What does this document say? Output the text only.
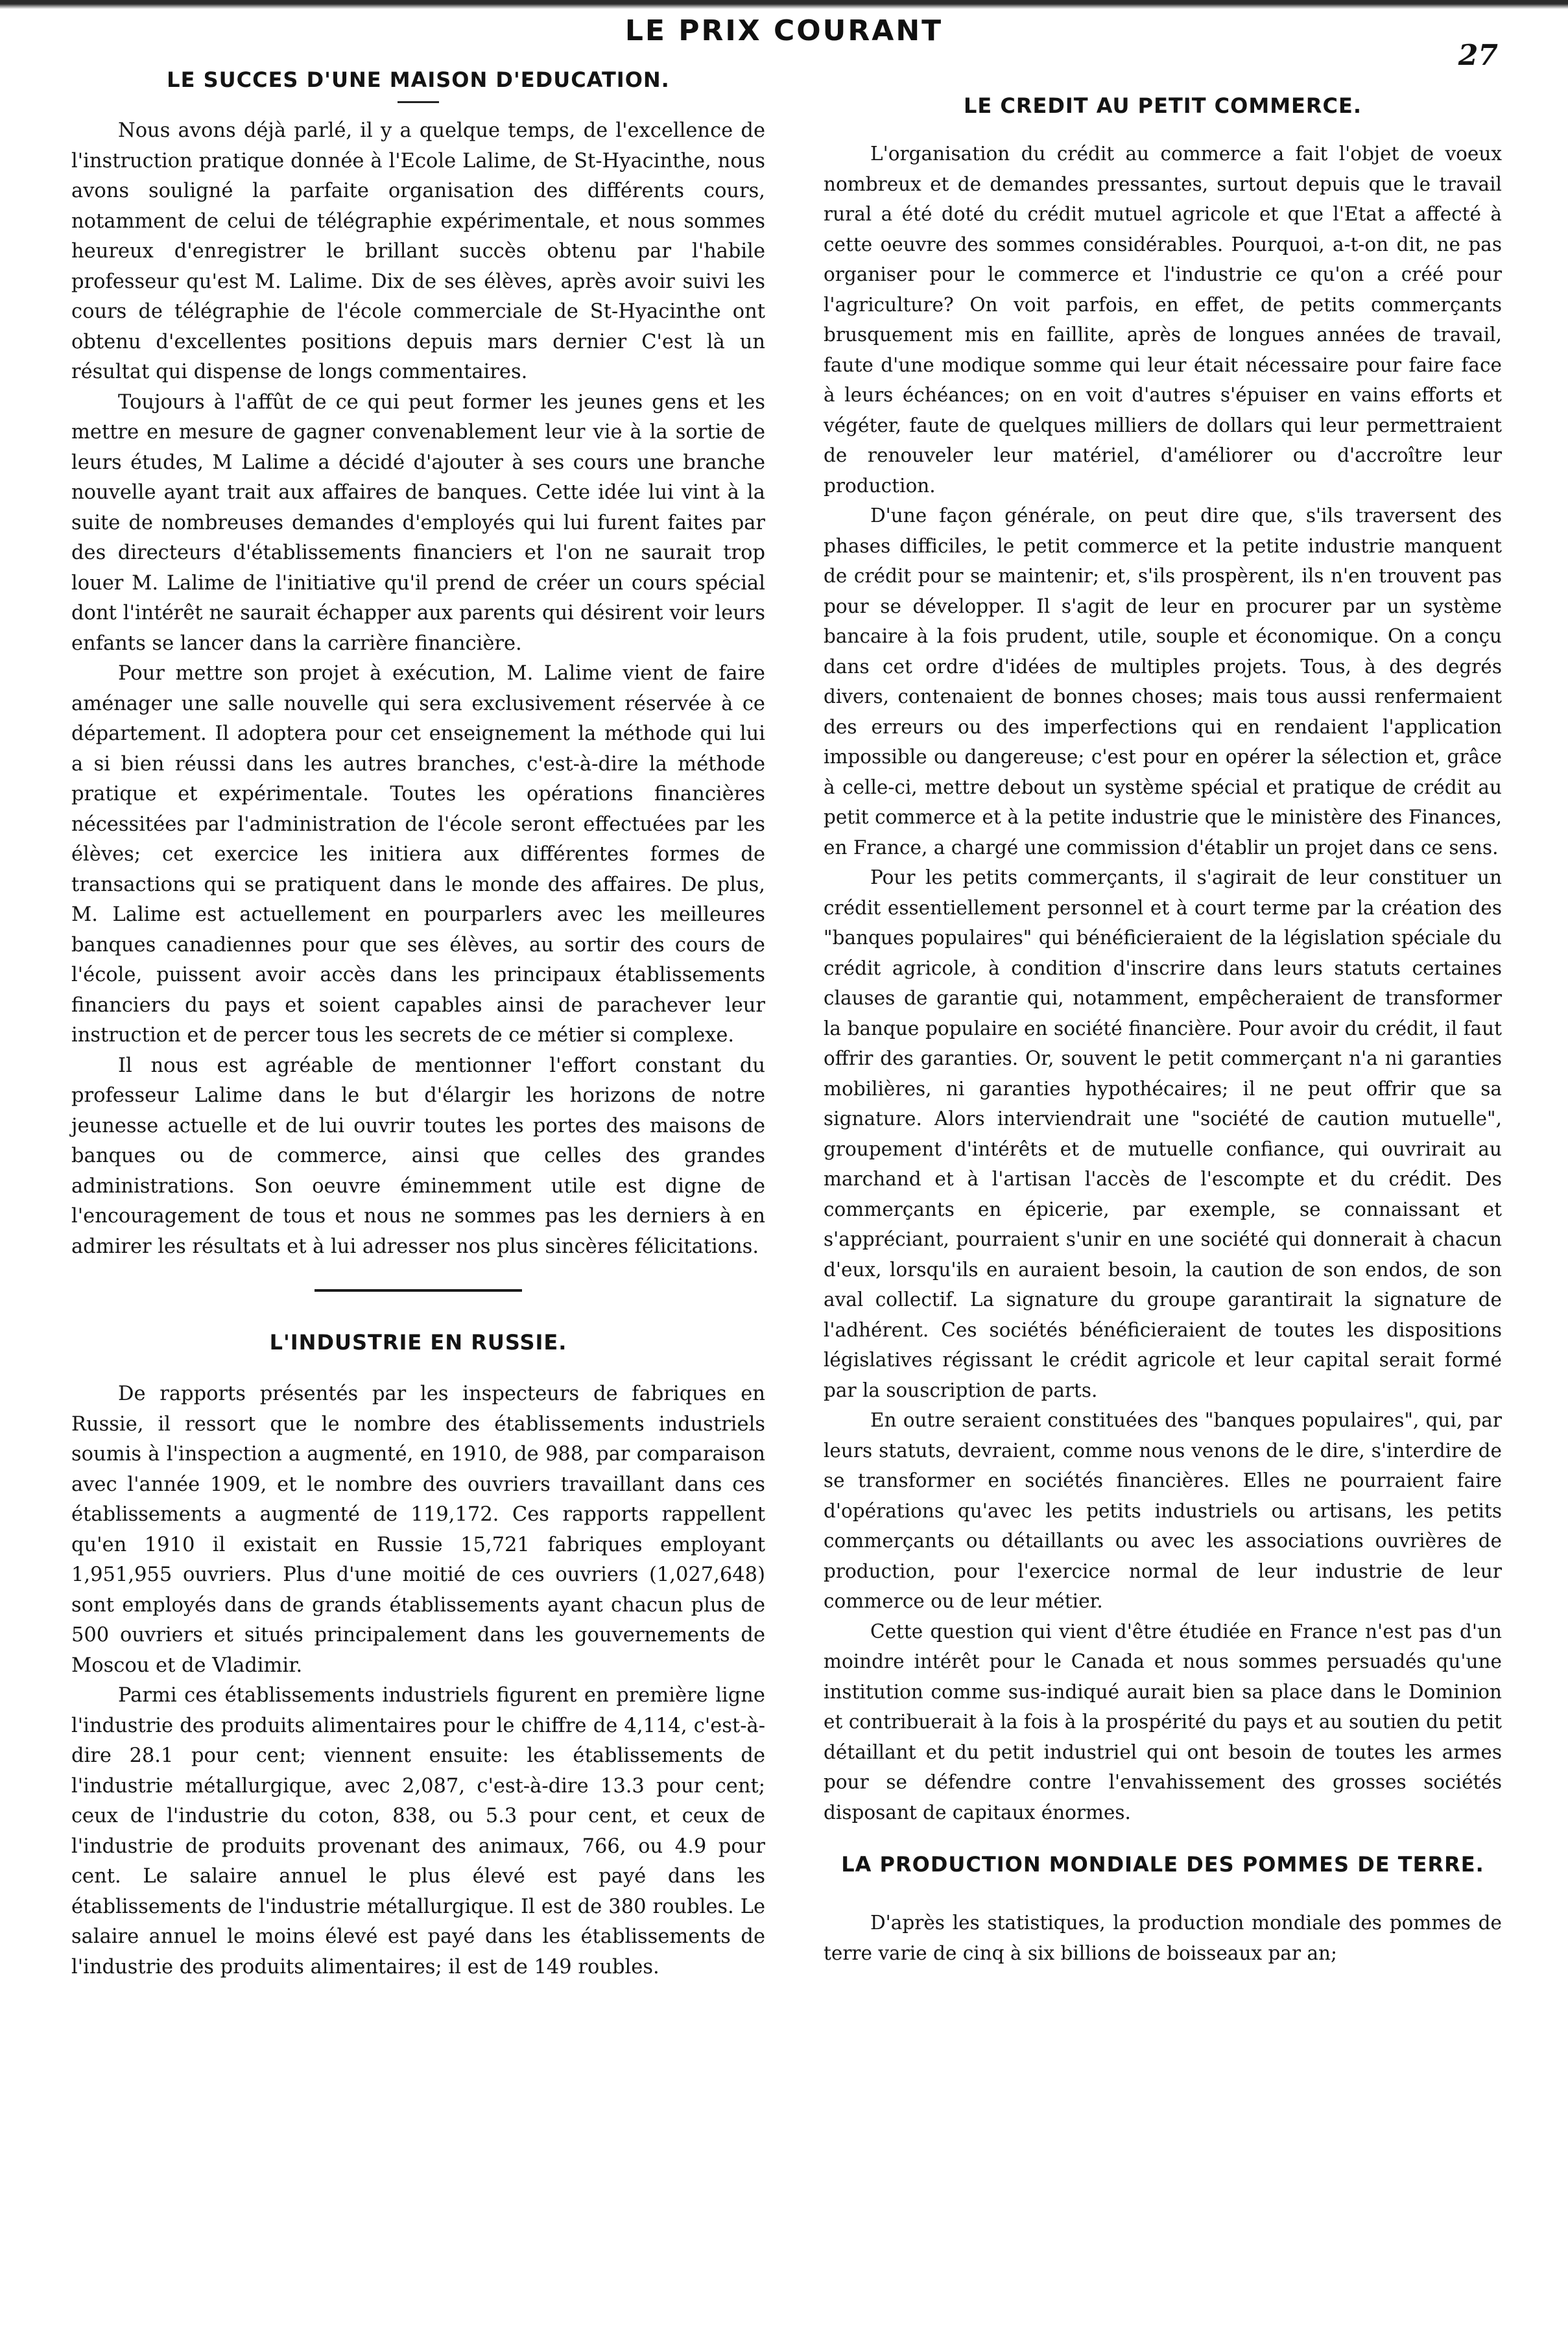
LE PRIX COURANT
27
LE SUCCES D'UNE MAISON D'EDUCATION.

Nous avons déjà parlé, il y a quelque temps, de l'excellence de l'instruction pratique donnée à l'Ecole Lalime, de St-Hyacinthe, nous avons souligné la parfaite organisation des différents cours, notamment de celui de télégraphie expérimentale, et nous sommes heureux d'enregistrer le brillant succès obtenu par l'habile professeur qu'est M. Lalime. Dix de ses élèves, après avoir suivi les cours de télégraphie de l'école commerciale de St-Hyacinthe ont obtenu d'excellentes positions depuis mars dernier C'est là un résultat qui dispense de longs commentaires.

Toujours à l'affût de ce qui peut former les jeunes gens et les mettre en mesure de gagner convenablement leur vie à la sortie de leurs études, M Lalime a décidé d'ajouter à ses cours une branche nouvelle ayant trait aux affaires de banques. Cette idée lui vint à la suite de nombreuses demandes d'employés qui lui furent faites par des directeurs d'établissements financiers et l'on ne saurait trop louer M. Lalime de l'initiative qu'il prend de créer un cours spécial dont l'intérêt ne saurait échapper aux parents qui désirent voir leurs enfants se lancer dans la carrière financière.

Pour mettre son projet à exécution, M. Lalime vient de faire aménager une salle nouvelle qui sera exclusivement réservée à ce département. Il adoptera pour cet enseignement la méthode qui lui a si bien réussi dans les autres branches, c'est-à-dire la méthode pratique et expérimentale. Toutes les opérations financières nécessitées par l'administration de l'école seront effectuées par les élèves; cet exercice les initiera aux différentes formes de transactions qui se pratiquent dans le monde des affaires. De plus, M. Lalime est actuellement en pourparlers avec les meilleures banques canadiennes pour que ses élèves, au sortir des cours de l'école, puissent avoir accès dans les principaux établissements financiers du pays et soient capables ainsi de parachever leur instruction et de percer tous les secrets de ce métier si complexe.

Il nous est agréable de mentionner l'effort constant du professeur Lalime dans le but d'élargir les horizons de notre jeunesse actuelle et de lui ouvrir toutes les portes des maisons de banques ou de commerce, ainsi que celles des grandes administrations. Son oeuvre éminemment utile est digne de l'encouragement de tous et nous ne sommes pas les derniers à en admirer les résultats et à lui adresser nos plus sincères félicitations.

L'INDUSTRIE EN RUSSIE.

De rapports présentés par les inspecteurs de fabriques en Russie, il ressort que le nombre des établissements industriels soumis à l'inspection a augmenté, en 1910, de 988, par comparaison avec l'année 1909, et le nombre des ouvriers travaillant dans ces établissements a augmenté de 119,172. Ces rapports rappellent qu'en 1910 il existait en Russie 15,721 fabriques employant 1,951,955 ouvriers. Plus d'une moitié de ces ouvriers (1,027,648) sont employés dans de grands établissements ayant chacun plus de 500 ouvriers et situés principalement dans les gouvernements de Moscou et de Vladimir.

Parmi ces établissements industriels figurent en première ligne l'industrie des produits alimentaires pour le chiffre de 4,114, c'est-à-dire 28.1 pour cent; viennent ensuite: les établissements de l'industrie métallurgique, avec 2,087, c'est-à-dire 13.3 pour cent; ceux de l'industrie du coton, 838, ou 5.3 pour cent, et ceux de l'industrie de produits provenant des animaux, 766, ou 4.9 pour cent. Le salaire annuel le plus élevé est payé dans les établissements de l'industrie métallurgique. Il est de 380 roubles. Le salaire annuel le moins élevé est payé dans les établissements de l'industrie des produits alimentaires; il est de 149 roubles.

LE CREDIT AU PETIT COMMERCE.

L'organisation du crédit au commerce a fait l'objet de voeux nombreux et de demandes pressantes, surtout depuis que le travail rural a été doté du crédit mutuel agricole et que l'Etat a affecté à cette oeuvre des sommes considérables. Pourquoi, a-t-on dit, ne pas organiser pour le commerce et l'industrie ce qu'on a créé pour l'agriculture? On voit parfois, en effet, de petits commerçants brusquement mis en faillite, après de longues années de travail, faute d'une modique somme qui leur était nécessaire pour faire face à leurs échéances; on en voit d'autres s'épuiser en vains efforts et végéter, faute de quelques milliers de dollars qui leur permettraient de renouveler leur matériel, d'améliorer ou d'accroître leur production.

D'une façon générale, on peut dire que, s'ils traversent des phases difficiles, le petit commerce et la petite industrie manquent de crédit pour se maintenir; et, s'ils prospèrent, ils n'en trouvent pas pour se développer. Il s'agit de leur en procurer par un système bancaire à la fois prudent, utile, souple et économique. On a conçu dans cet ordre d'idées de multiples projets. Tous, à des degrés divers, contenaient de bonnes choses; mais tous aussi renfermaient des erreurs ou des imperfections qui en rendaient l'application impossible ou dangereuse; c'est pour en opérer la sélection et, grâce à celle-ci, mettre debout un système spécial et pratique de crédit au petit commerce et à la petite industrie que le ministère des Finances, en France, a chargé une commission d'établir un projet dans ce sens.

Pour les petits commerçants, il s'agirait de leur constituer un crédit essentiellement personnel et à court terme par la création des "banques populaires" qui bénéficieraient de la législation spéciale du crédit agricole, à condition d'inscrire dans leurs statuts certaines clauses de garantie qui, notamment, empêcheraient de transformer la banque populaire en société financière. Pour avoir du crédit, il faut offrir des garanties. Or, souvent le petit commerçant n'a ni garanties mobilières, ni garanties hypothécaires; il ne peut offrir que sa signature. Alors interviendrait une "société de caution mutuelle", groupement d'intérêts et de mutuelle confiance, qui ouvrirait au marchand et à l'artisan l'accès de l'escompte et du crédit. Des commerçants en épicerie, par exemple, se connaissant et s'appréciant, pourraient s'unir en une société qui donnerait à chacun d'eux, lorsqu'ils en auraient besoin, la caution de son endos, de son aval collectif. La signature du groupe garantirait la signature de l'adhérent. Ces sociétés bénéficieraient de toutes les dispositions législatives régissant le crédit agricole et leur capital serait formé par la souscription de parts.

En outre seraient constituées des "banques populaires", qui, par leurs statuts, devraient, comme nous venons de le dire, s'interdire de se transformer en sociétés financières. Elles ne pourraient faire d'opérations qu'avec les petits industriels ou artisans, les petits commerçants ou détaillants ou avec les associations ouvrières de production, pour l'exercice normal de leur industrie de leur commerce ou de leur métier.

Cette question qui vient d'être étudiée en France n'est pas d'un moindre intérêt pour le Canada et nous sommes persuadés qu'une institution comme sus-indiqué aurait bien sa place dans le Dominion et contribuerait à la fois à la prospérité du pays et au soutien du petit détaillant et du petit industriel qui ont besoin de toutes les armes pour se défendre contre l'envahissement des grosses sociétés disposant de capitaux énormes.

LA PRODUCTION MONDIALE DES POMMES DE TERRE.

D'après les statistiques, la production mondiale des pommes de terre varie de cinq à six billions de boisseaux par an;
